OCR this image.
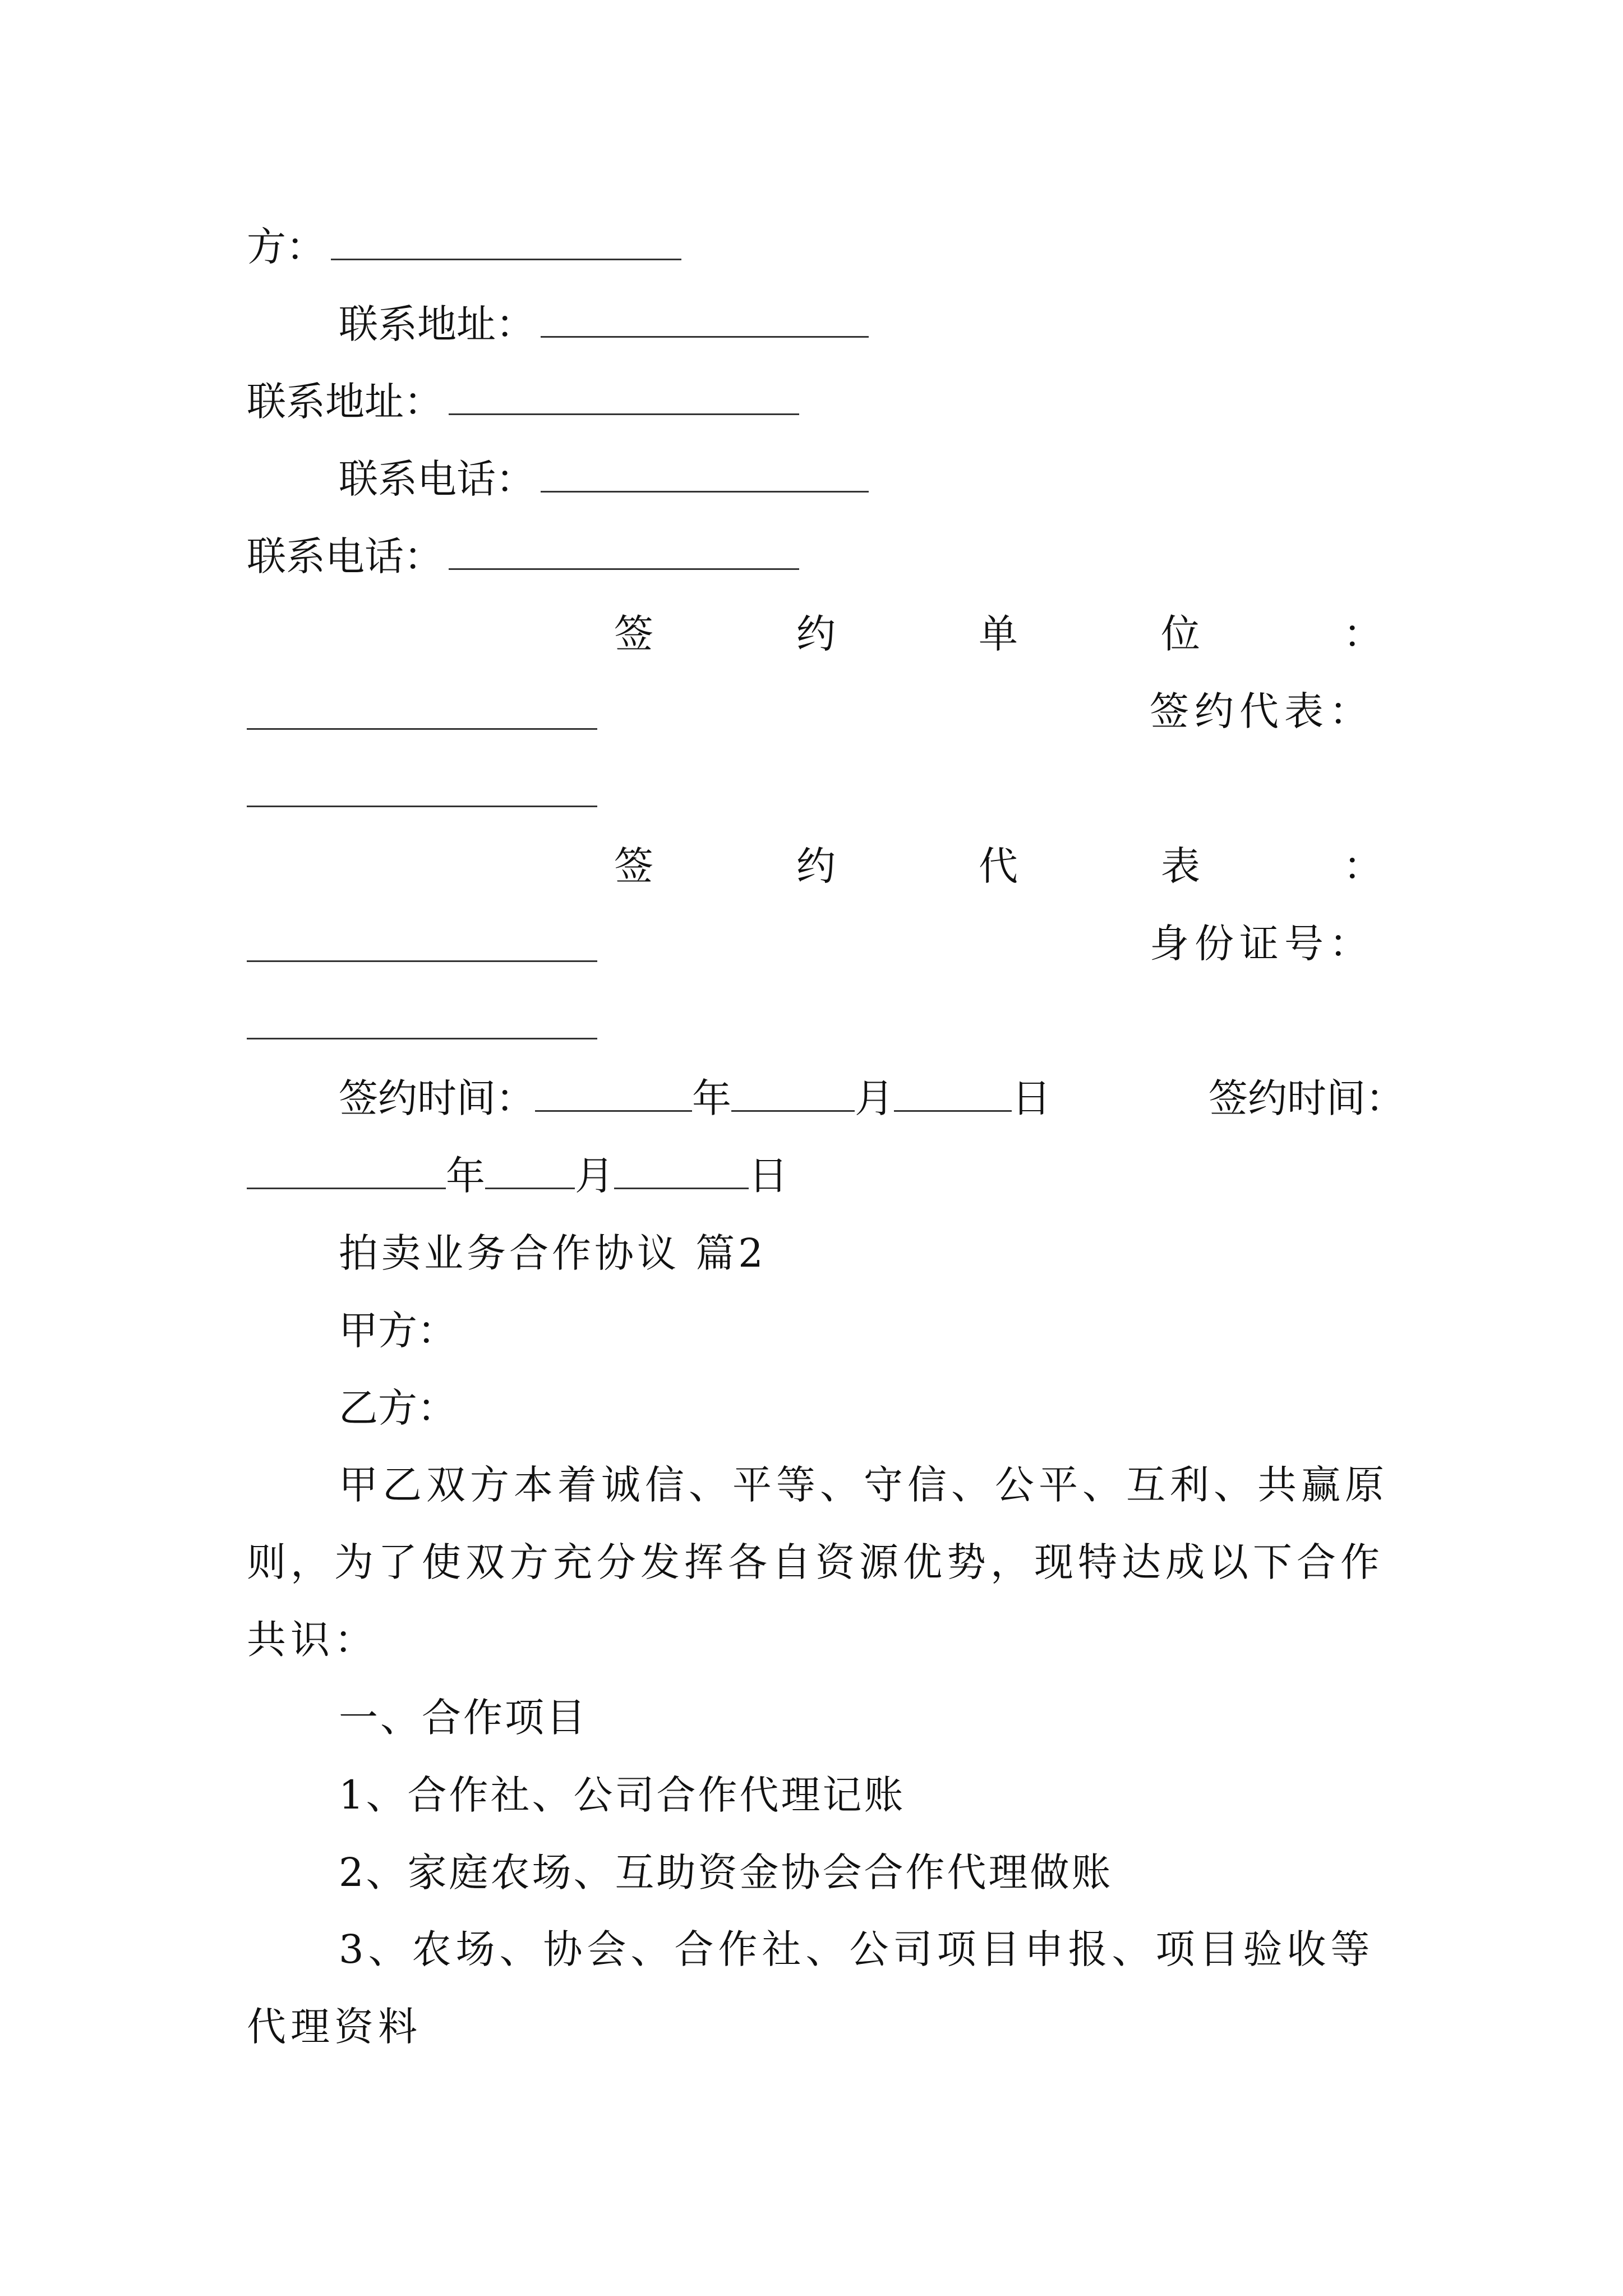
方：
联系地址：
联系地址：
联系电话：
联系电话：
签	约	单	位	：
签约代表：
签	约	代	表	：
身份证号：
签约时间：	年	月	日	签约时间：
年 月	日
拍卖业务合作协议 篇2
甲方：
乙方：
甲乙双方本着诚信、平等、守信、公平、互利、共赢原则，为了使双方充分发挥各自资源优势，现特达成以下合作共识：
一、合作项目
1、合作社、公司合作代理记账
2、家庭农场、互助资金协会合作代理做账
3、农场、协会、合作社、公司项目申报、项目验收等代理资料
